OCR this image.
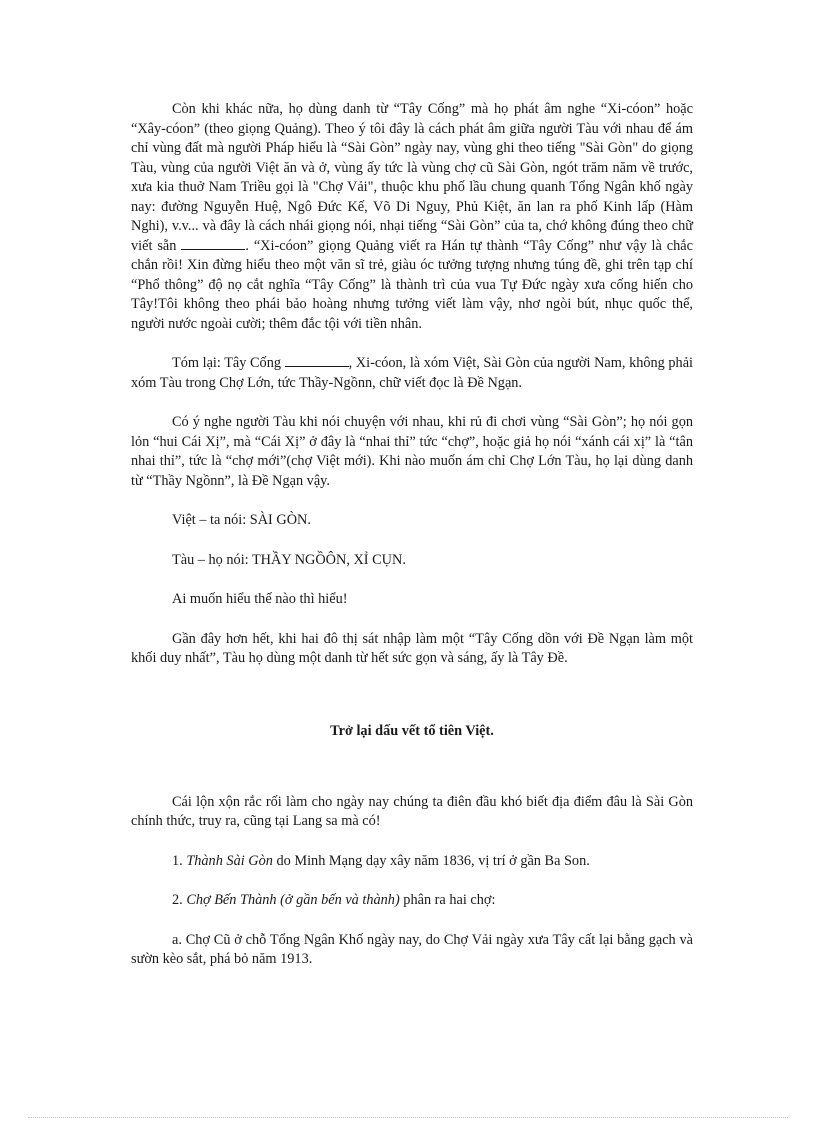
Còn khi khác nữa, họ dùng danh từ “Tây Cống” mà họ phát âm nghe “Xi-cóon” hoặc “Xây-cóon” (theo giọng Quảng). Theo ý tôi đây là cách phát âm giữa người Tàu với nhau để ám chỉ vùng đất mà người Pháp hiểu là “Sài Gòn” ngày nay, vùng ghi theo tiếng "Sài Gòn" do giọng Tàu, vùng của người Việt ăn và ở, vùng ấy tức là vùng chợ cũ Sài Gòn, ngót trăm năm về trước, xưa kia thuở Nam Triều gọi là "Chợ Vải", thuộc khu phố lầu chung quanh Tổng Ngân khố ngày nay: đường Nguyễn Huệ, Ngô Đức Kế, Võ Di Nguy, Phủ Kiệt, ăn lan ra phố Kinh lấp (Hàm Nghi), v.v... và đây là cách nhái giọng nói, nhại tiếng “Sài Gòn” của ta, chớ không đúng theo chữ viết sẵn	. “Xi-cóon” giọng Quảng viết ra Hán tự thành “Tây Cống” như vậy là chắc chắn rồi! Xin đừng hiểu theo một văn sĩ trẻ, giàu óc tưởng tượng nhưng túng đề, ghi trên tạp chí “Phổ thông” độ nọ cắt nghĩa “Tây Cống” là thành trì của vua Tự Đức ngày xưa cống hiến cho Tây!Tôi không theo phái bảo hoàng nhưng tưởng viết làm vậy, nhơ ngòi bút, nhục quốc thể, người nước ngoài cười; thêm đắc tội với tiền nhân.

Tóm lại: Tây Cống	, Xi-cóon, là xóm Việt, Sài Gòn của người Nam, không phải xóm Tàu trong Chợ Lớn, tức Thầy-Ngồnn, chữ viết đọc là Đề Ngạn.

Có ý nghe người Tàu khi nói chuyện với nhau, khi rủ đi chơi vùng “Sài Gòn”; họ nói gọn lỏn “hui Cái Xị”, mà “Cái Xị” ở đây là “nhai thỉ” tức “chợ”, hoặc giả họ nói “xánh cái xị” là “tân nhai thỉ”, tức là “chợ mới”(chợ Việt mới). Khi nào muốn ám chỉ Chợ Lớn Tàu, họ lại dùng danh từ “Thầy Ngồnn”, là Đề Ngạn vậy.

Việt – ta nói: SÀI GÒN.

Tàu – họ nói: THẦY NGỒÔN, XỈ CỤN.

Ai muốn hiểu thế nào thì hiểu!

Gần đây hơn hết, khi hai đô thị sát nhập làm một “Tây Cống dồn với Đề Ngạn làm một khối duy nhất”, Tàu họ dùng một danh từ hết sức gọn và sáng, ấy là Tây Đề.

Trở lại dấu vết tổ tiên Việt.

Cái lộn xộn rắc rối làm cho ngày nay chúng ta điên đầu khó biết địa điểm đâu là Sài Gòn chính thức, truy ra, cũng tại Lang sa mà có!

1. Thành Sài Gòn do Minh Mạng dạy xây năm 1836, vị trí ở gần Ba Son.

2. Chợ Bến Thành (ở gần bến và thành) phân ra hai chợ:

a. Chợ Cũ ở chỗ Tổng Ngân Khố ngày nay, do Chợ Vải ngày xưa Tây cất lại bằng gạch và sườn kèo sắt, phá bỏ năm 1913.
